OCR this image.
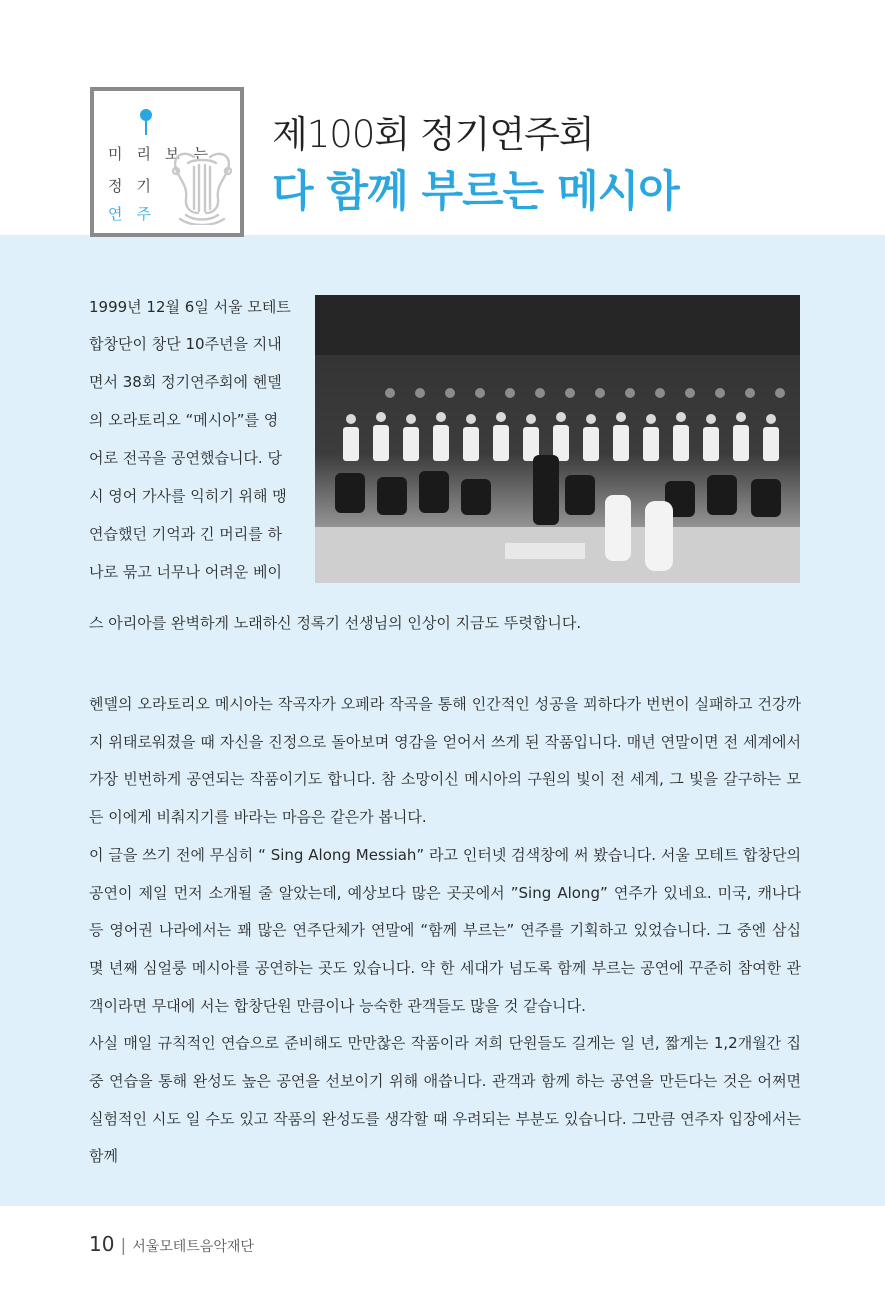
미리보는
정기
연주
제100회 정기연주회
다 함께 부르는 메시아
1999년 12월 6일 서울 모테트
합창단이 창단 10주년을 지내
면서 38회 정기연주회에 헨델
의 오라토리오 “메시아”를 영
어로 전곡을 공연했습니다. 당
시 영어 가사를 익히기 위해 맹
연습했던 기억과 긴 머리를 하
나로 묶고 너무나 어려운 베이
스 아리아를 완벽하게 노래하신 정록기 선생님의 인상이 지금도 뚜렷합니다.

헨델의 오라토리오 메시아는 작곡자가 오페라 작곡을 통해 인간적인 성공을 꾀하다가 번번이 실패하고 건강까지 위태로워졌을 때 자신을 진정으로 돌아보며 영감을 얻어서 쓰게 된 작품입니다. 매년 연말이면 전 세계에서 가장 빈번하게 공연되는 작품이기도 합니다. 참 소망이신 메시아의 구원의 빛이 전 세계, 그 빛을 갈구하는 모든 이에게 비춰지기를 바라는 마음은 같은가 봅니다.

이 글을 쓰기 전에 무심히 “ Sing Along Messiah” 라고 인터넷 검색창에 써 봤습니다. 서울 모테트 합창단의 공연이 제일 먼저 소개될 줄 알았는데, 예상보다 많은 곳곳에서 ”Sing Along” 연주가 있네요. 미국, 캐나다 등 영어권 나라에서는 꽤 많은 연주단체가 연말에 “함께 부르는” 연주를 기획하고 있었습니다. 그 중엔 삼십 몇 년째 심얼룽 메시아를 공연하는 곳도 있습니다. 약 한 세대가 넘도록 함께 부르는 공연에 꾸준히 참여한 관객이라면 무대에 서는 합창단원 만큼이나 능숙한 관객들도 많을 것 같습니다.

사실 매일 규칙적인 연습으로 준비해도 만만찮은 작품이라 저희 단원들도 길게는 일 년, 짧게는 1,2개월간 집중 연습을 통해 완성도 높은 공연을 선보이기 위해 애씁니다. 관객과 함께 하는 공연을 만든다는 것은 어쩌면 실험적인 시도 일 수도 있고 작품의 완성도를 생각할 때 우려되는 부분도 있습니다. 그만큼 연주자 입장에서는 함께

10 | 서울모테트음악재단
